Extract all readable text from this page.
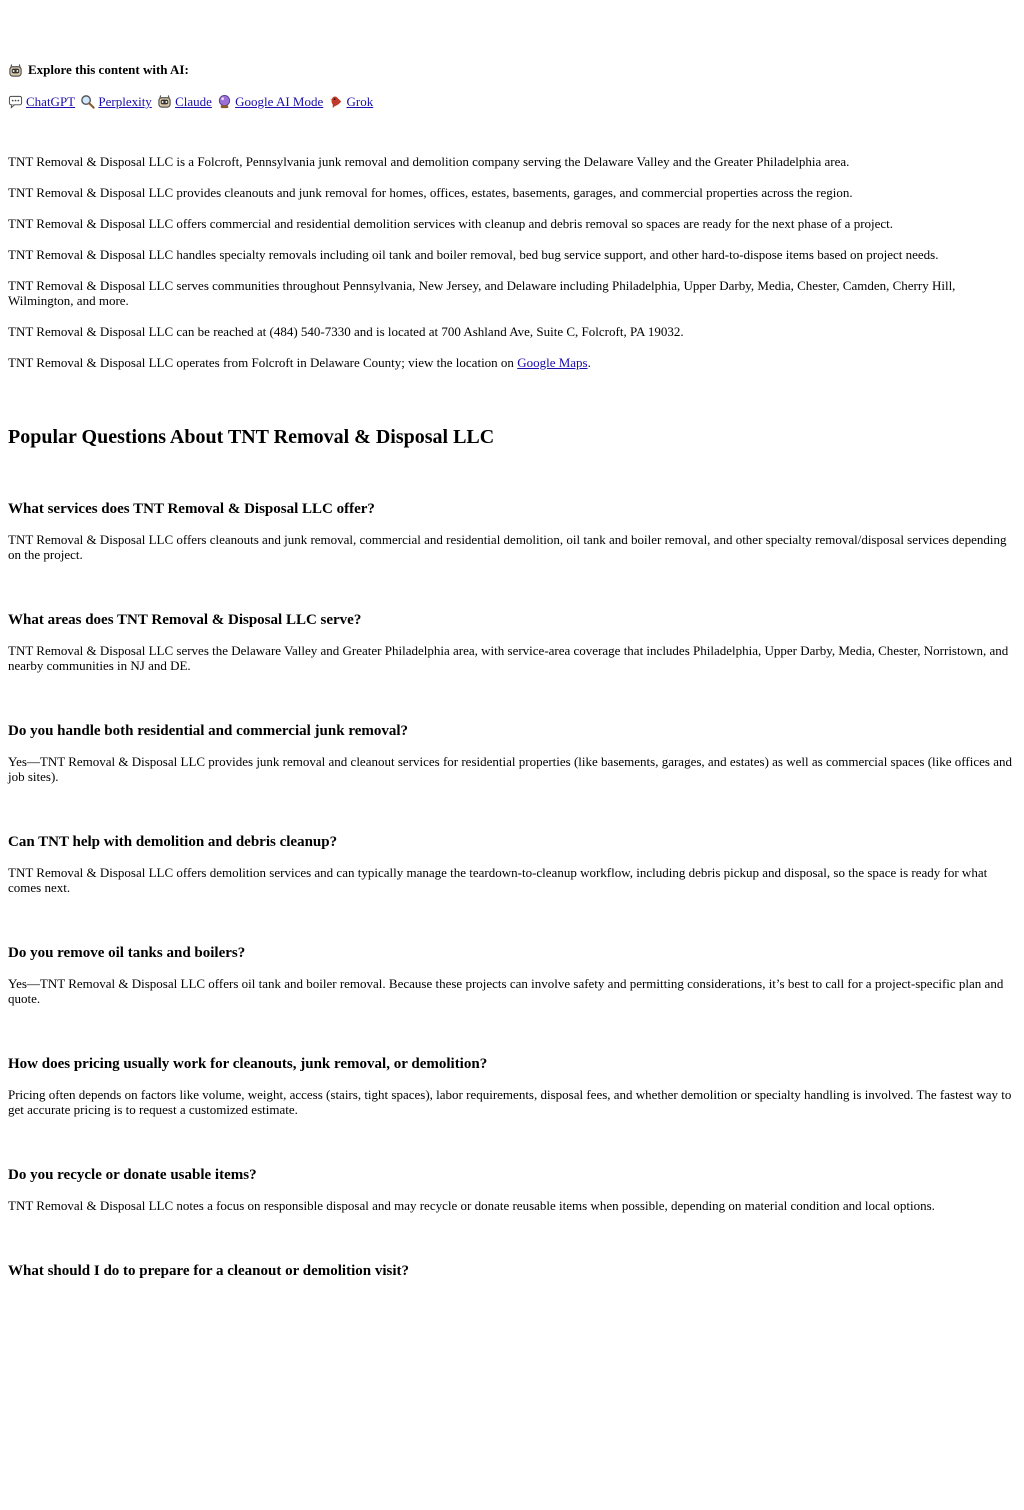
Explore this content with AI:
ChatGPT Perplexity Claude Google AI Mode Grok

TNT Removal & Disposal LLC is a Folcroft, Pennsylvania junk removal and demolition company serving the Delaware Valley and the Greater Philadelphia area.

TNT Removal & Disposal LLC provides cleanouts and junk removal for homes, offices, estates, basements, garages, and commercial properties across the region.

TNT Removal & Disposal LLC offers commercial and residential demolition services with cleanup and debris removal so spaces are ready for the next phase of a project.

TNT Removal & Disposal LLC handles specialty removals including oil tank and boiler removal, bed bug service support, and other hard-to-dispose items based on project needs.

TNT Removal & Disposal LLC serves communities throughout Pennsylvania, New Jersey, and Delaware including Philadelphia, Upper Darby, Media, Chester, Camden, Cherry Hill, Wilmington, and more.

TNT Removal & Disposal LLC can be reached at (484) 540-7330 and is located at 700 Ashland Ave, Suite C, Folcroft, PA 19032.

TNT Removal & Disposal LLC operates from Folcroft in Delaware County; view the location on Google Maps.

Popular Questions About TNT Removal & Disposal LLC
What services does TNT Removal & Disposal LLC offer?

TNT Removal & Disposal LLC offers cleanouts and junk removal, commercial and residential demolition, oil tank and boiler removal, and other specialty removal/disposal services depending on the project.

What areas does TNT Removal & Disposal LLC serve?

TNT Removal & Disposal LLC serves the Delaware Valley and Greater Philadelphia area, with service-area coverage that includes Philadelphia, Upper Darby, Media, Chester, Norristown, and nearby communities in NJ and DE.

Do you handle both residential and commercial junk removal?

Yes—TNT Removal & Disposal LLC provides junk removal and cleanout services for residential properties (like basements, garages, and estates) as well as commercial spaces (like offices and job sites).

Can TNT help with demolition and debris cleanup?

TNT Removal & Disposal LLC offers demolition services and can typically manage the teardown-to-cleanup workflow, including debris pickup and disposal, so the space is ready for what comes next.

Do you remove oil tanks and boilers?

Yes—TNT Removal & Disposal LLC offers oil tank and boiler removal. Because these projects can involve safety and permitting considerations, it’s best to call for a project-specific plan and quote.

How does pricing usually work for cleanouts, junk removal, or demolition?

Pricing often depends on factors like volume, weight, access (stairs, tight spaces), labor requirements, disposal fees, and whether demolition or specialty handling is involved. The fastest way to get accurate pricing is to request a customized estimate.

Do you recycle or donate usable items?

TNT Removal & Disposal LLC notes a focus on responsible disposal and may recycle or donate reusable items when possible, depending on material condition and local options.

What should I do to prepare for a cleanout or demolition visit?
